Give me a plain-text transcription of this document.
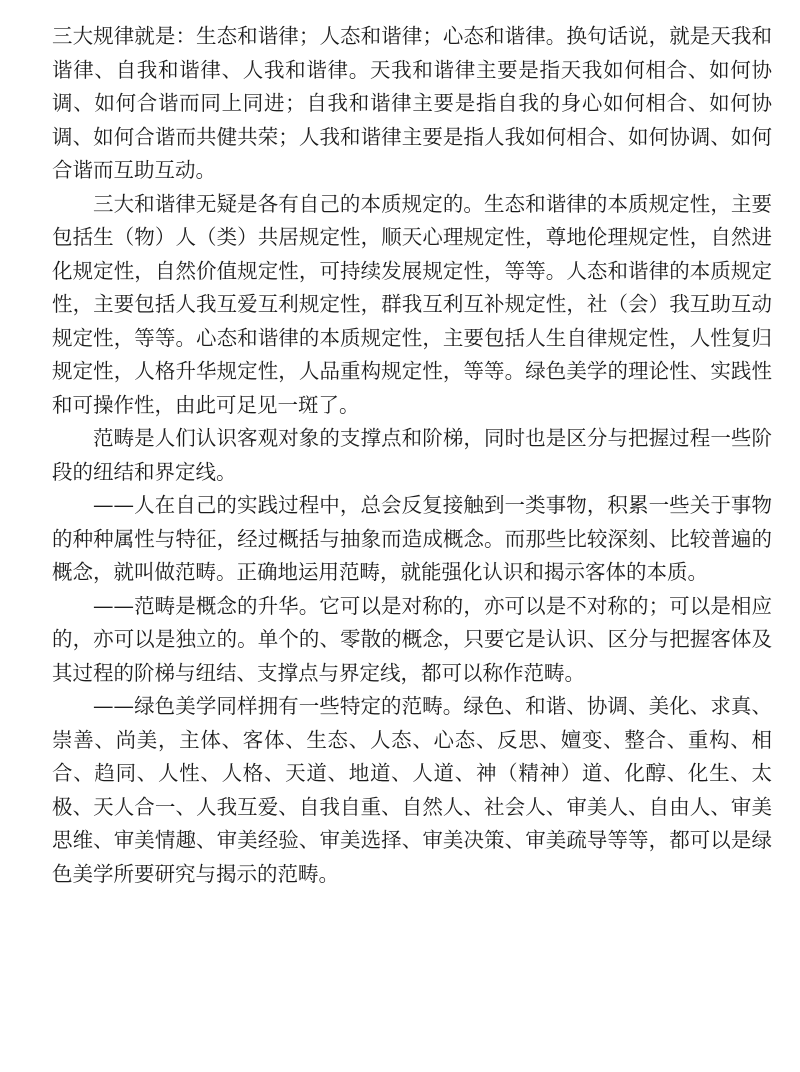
三大规律就是：生态和谐律；人态和谐律；心态和谐律。换句话说，就是天我和谐律、自我和谐律、人我和谐律。天我和谐律主要是指天我如何相合、如何协调、如何合谐而同上同进；自我和谐律主要是指自我的身心如何相合、如何协调、如何合谐而共健共荣；人我和谐律主要是指人我如何相合、如何协调、如何合谐而互助互动。

三大和谐律无疑是各有自己的本质规定的。生态和谐律的本质规定性，主要包括生（物）人（类）共居规定性，顺天心理规定性，尊地伦理规定性，自然进化规定性，自然价值规定性，可持续发展规定性，等等。人态和谐律的本质规定性，主要包括人我互爱互利规定性，群我互利互补规定性，社（会）我互助互动规定性，等等。心态和谐律的本质规定性，主要包括人生自律规定性，人性复归规定性，人格升华规定性，人品重构规定性，等等。绿色美学的理论性、实践性和可操作性，由此可足见一斑了。

范畴是人们认识客观对象的支撑点和阶梯，同时也是区分与把握过程一些阶段的纽结和界定线。

——人在自己的实践过程中，总会反复接触到一类事物，积累一些关于事物的种种属性与特征，经过概括与抽象而造成概念。而那些比较深刻、比较普遍的概念，就叫做范畴。正确地运用范畴，就能强化认识和揭示客体的本质。

——范畴是概念的升华。它可以是对称的，亦可以是不对称的；可以是相应的，亦可以是独立的。单个的、零散的概念，只要它是认识、区分与把握客体及其过程的阶梯与纽结、支撑点与界定线，都可以称作范畴。

——绿色美学同样拥有一些特定的范畴。绿色、和谐、协调、美化、求真、崇善、尚美，主体、客体、生态、人态、心态、反思、嬗变、整合、重构、相合、趋同、人性、人格、天道、地道、人道、神（精神）道、化醇、化生、太极、天人合一、人我互爱、自我自重、自然人、社会人、审美人、自由人、审美思维、审美情趣、审美经验、审美选择、审美决策、审美疏导等等，都可以是绿色美学所要研究与揭示的范畴。
